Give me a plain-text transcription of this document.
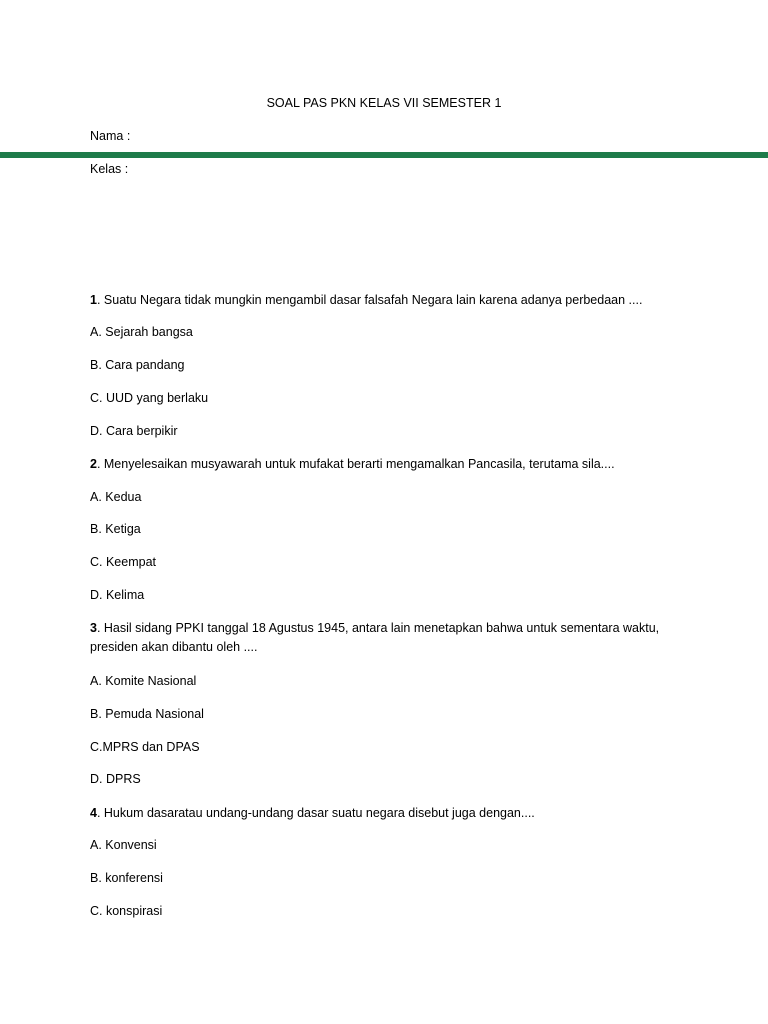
SOAL PAS PKN KELAS VII SEMESTER 1
Nama :
Kelas :
1. Suatu Negara tidak mungkin mengambil dasar falsafah Negara lain karena adanya perbedaan ....
A. Sejarah bangsa
B. Cara pandang
C. UUD yang berlaku
D. Cara berpikir
2. Menyelesaikan musyawarah untuk mufakat berarti mengamalkan Pancasila, terutama sila....
A. Kedua
B. Ketiga
C. Keempat
D. Kelima
3. Hasil sidang PPKI tanggal 18 Agustus 1945, antara lain menetapkan bahwa untuk sementara waktu, presiden akan dibantu oleh ....
A. Komite Nasional
B. Pemuda Nasional
C.MPRS dan DPAS
D. DPRS
4. Hukum dasaratau undang-undang dasar suatu negara disebut juga dengan....
A. Konvensi
B. konferensi
C. konspirasi
